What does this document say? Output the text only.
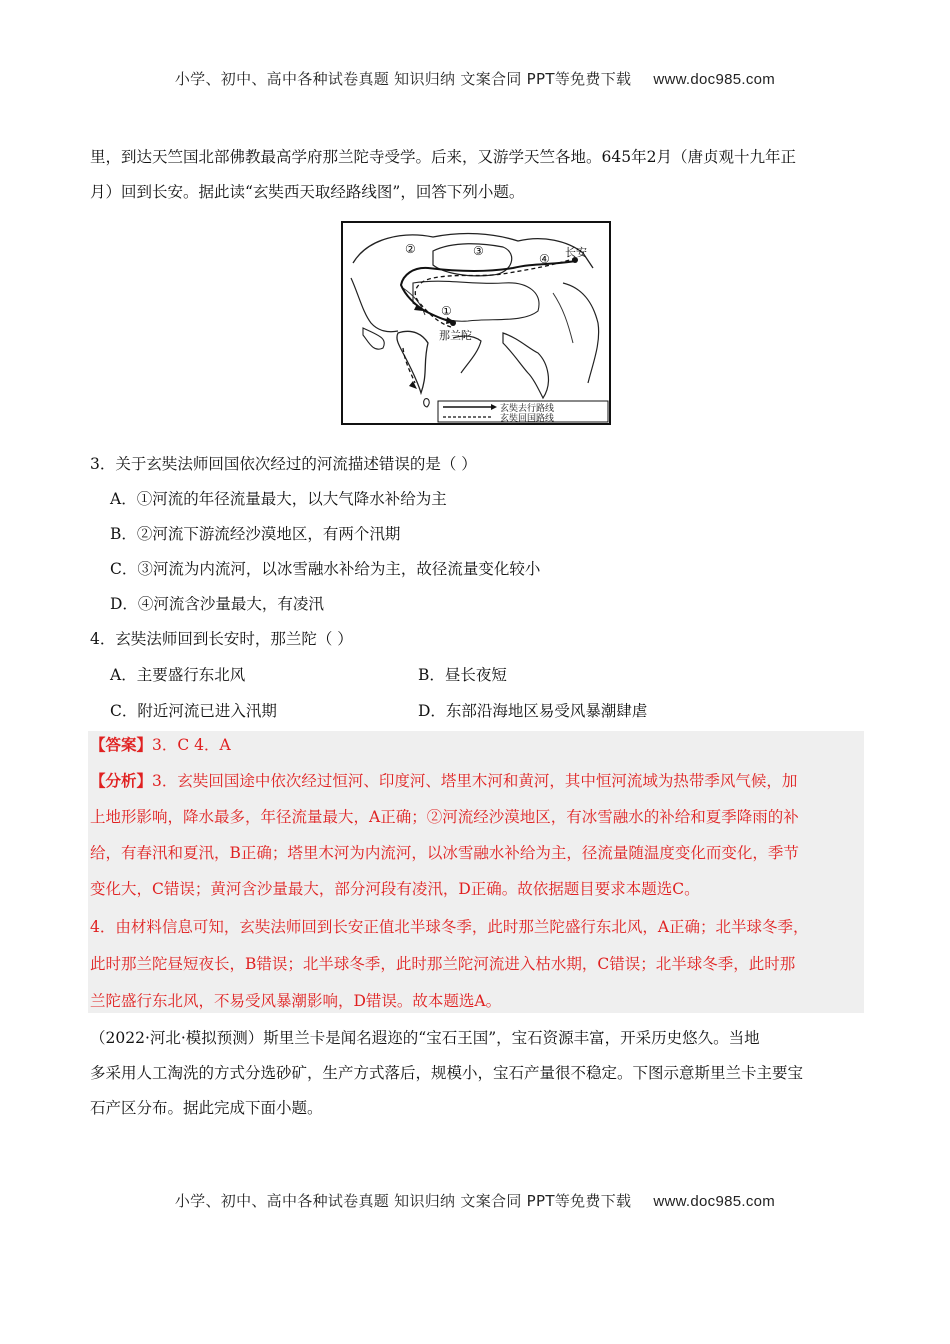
小学、初中、高中各种试卷真题 知识归纳 文案合同 PPT等免费下载 www.doc985.com
里，到达天竺国北部佛教最高学府那兰陀寺受学。后来，又游学天竺各地。645年2月（唐贞观十九年正
月）回到长安。据此读“玄奘西天取经路线图”，回答下列小题。
长安
那兰陀
①
②	③
④
玄奘去行路线
玄奘回国路线
3．关于玄奘法师回国依次经过的河流描述错误的是（ ）
A．①河流的年径流量最大，以大气降水补给为主
B．②河流下游流经沙漠地区，有两个汛期
C．③河流为内流河，以冰雪融水补给为主，故径流量变化较小
D．④河流含沙量最大，有凌汛
4．玄奘法师回到长安时，那兰陀（ ）
A．主要盛行东北风	B．昼长夜短
C．附近河流已进入汛期	D．东部沿海地区易受风暴潮肆虐
【答案】3．C 4．A
【分析】3．玄奘回国途中依次经过恒河、印度河、塔里木河和黄河，其中恒河流域为热带季风气候，加
上地形影响，降水最多，年径流量最大，A正确；②河流经沙漠地区，有冰雪融水的补给和夏季降雨的补
给，有春汛和夏汛，B正确；塔里木河为内流河，以冰雪融水补给为主，径流量随温度变化而变化，季节
变化大，C错误；黄河含沙量最大，部分河段有凌汛，D正确。故依据题目要求本题选C。
4．由材料信息可知，玄奘法师回到长安正值北半球冬季，此时那兰陀盛行东北风，A正确；北半球冬季，
此时那兰陀昼短夜长，B错误；北半球冬季，此时那兰陀河流进入枯水期，C错误；北半球冬季，此时那
兰陀盛行东北风，不易受风暴潮影响，D错误。故本题选A。
（2022·河北·模拟预测）斯里兰卡是闻名遐迩的“宝石王国”，宝石资源丰富，开采历史悠久。当地
多采用人工淘洗的方式分选砂矿，生产方式落后，规模小，宝石产量很不稳定。下图示意斯里兰卡主要宝
石产区分布。据此完成下面小题。
小学、初中、高中各种试卷真题 知识归纳 文案合同 PPT等免费下载 www.doc985.com
